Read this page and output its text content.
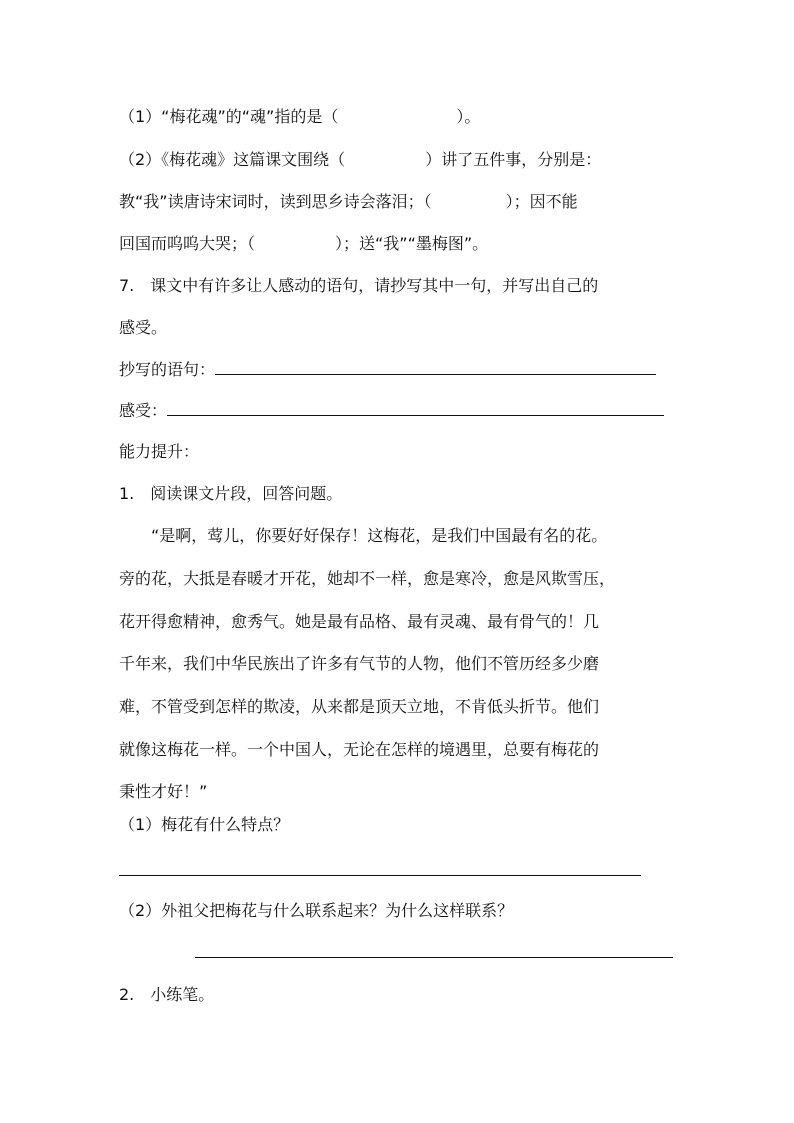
（1）“梅花魂”的“魂”指的是（	）。
（2）《梅花魂》这篇课文围绕（	）讲了五件事，分别是：
教“我”读唐诗宋词时，读到思乡诗会落泪；（	）；因不能
回国而呜呜大哭；（	）；送“我”“墨梅图”。
7.　课文中有许多让人感动的语句，请抄写其中一句，并写出自己的
感受。
抄写的语句：
感受：
能力提升：
1.　阅读课文片段，回答问题。
　　“是啊，莺儿，你要好好保存！这梅花，是我们中国最有名的花。
旁的花，大抵是春暖才开花，她却不一样，愈是寒冷，愈是风欺雪压，
花开得愈精神，愈秀气。她是最有品格、最有灵魂、最有骨气的！几
千年来，我们中华民族出了许多有气节的人物，他们不管历经多少磨
难，不管受到怎样的欺凌，从来都是顶天立地，不肯低头折节。他们
就像这梅花一样。一个中国人，无论在怎样的境遇里，总要有梅花的
秉性才好！”
（1）梅花有什么特点？
（2）外祖父把梅花与什么联系起来？为什么这样联系？
2.　小练笔。
